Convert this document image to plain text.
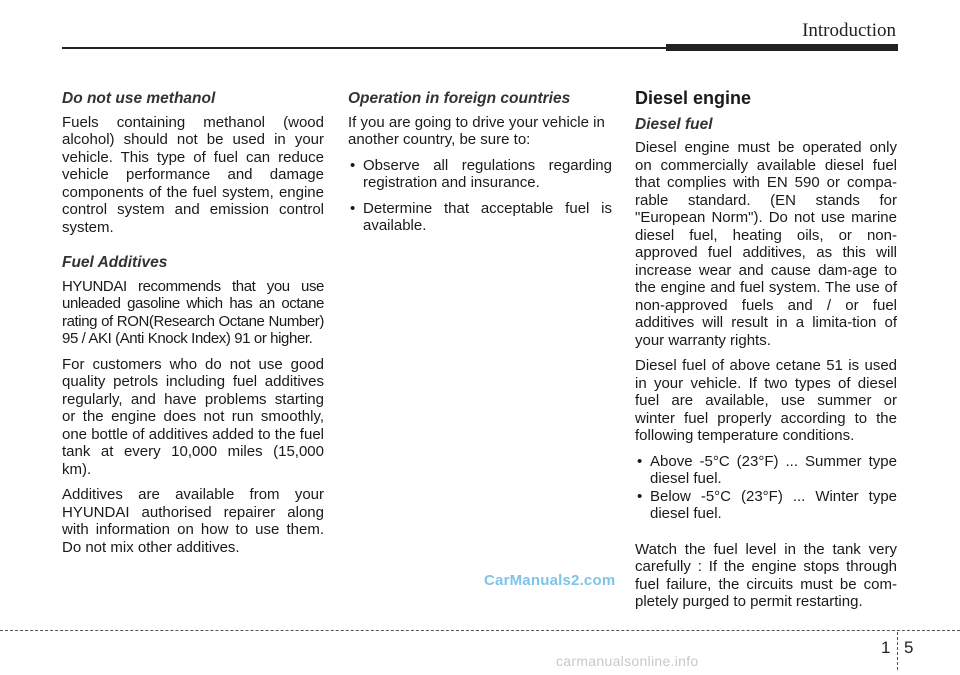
Introduction
Do not use methanol

Fuels containing methanol (wood alcohol) should not be used in your vehicle. This type of fuel can reduce vehicle performance and damage components of the fuel system, engine control system and emission control system.

Fuel Additives

HYUNDAI recommends that you use unleaded gasoline which has an octane rating of RON(Research Octane Number) 95 / AKI (Anti Knock Index) 91 or higher.

For customers who do not use good quality petrols including fuel additives regularly, and have problems starting or the engine does not run smoothly, one bottle of additives added to the fuel tank at every 10,000 miles (15,000 km).

Additives are available from your HYUNDAI authorised repairer along with information on how to use them. Do not mix other additives.

Operation in foreign countries

If you are going to drive your vehicle in another country, be sure to:

• Observe all regulations regarding registration and insurance.
• Determine that acceptable fuel is available.
Diesel engine
Diesel fuel

Diesel engine must be operated only on commercially available diesel fuel that complies with EN 590 or compa-rable standard. (EN stands for "European Norm"). Do not use marine diesel fuel, heating oils, or non-approved fuel additives, as this will increase wear and cause dam-age to the engine and fuel system. The use of non-approved fuels and / or fuel additives will result in a limita-tion of your warranty rights.

Diesel fuel of above cetane 51 is used in your vehicle. If two types of diesel fuel are available, use summer or winter fuel properly according to the following temperature conditions.

• Above -5°C (23°F) ... Summer type diesel fuel.
• Below -5°C (23°F) ... Winter type diesel fuel.

Watch the fuel level in the tank very carefully : If the engine stops through fuel failure, the circuits must be com-pletely purged to permit restarting.

CarManuals2.com
1 5
carmanualsonline.info
